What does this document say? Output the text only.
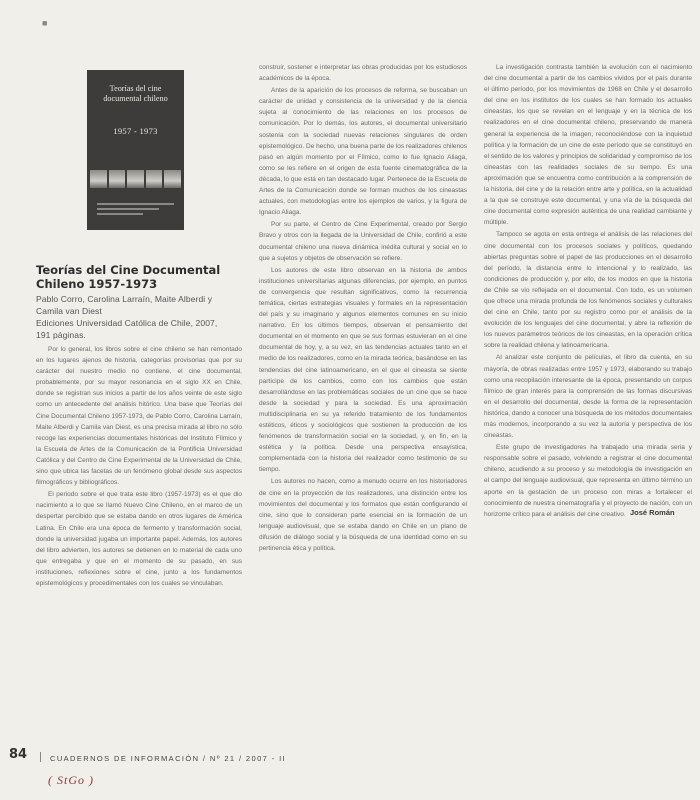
■
Teorías del cine documental chileno
1957 - 1973
Teorías del Cine Documental Chileno 1957-1973
Pablo Corro, Carolina Larraín, Maite Alberdi y Camila van Diest
Ediciones Universidad Católica de Chile, 2007,
191 páginas.

Por lo general, los libros sobre el cine chileno se han remontado en los lugares ajenos de historia, categorías provisorias que por su carácter del nuestro medio no contiene, el cine documental, probablemente, por su mayor resonancia en el siglo XX en Chile, donde se registran sus inicios a partir de los años veinte de este siglo como un antecedente del análisis hitórico. Una base que Teorías del Cine Documental Chileno 1957-1973, de Pablo Corro, Carolina Larraín, Maite Alberdi y Camila van Diest, es una precisa mirada al libro no sólo recoge las experiencias documentales históricas del Instituto Fílmico y la Escuela de Artes de la Comunicación de la Pontificia Universidad Católica y del Centro de Cine Experimental de la Universidad de Chile, sino que ubica las facetas de un fenómeno global desde sus aspectos filmográficos y bibliográficos.

El periodo sobre el que trata este libro (1957-1973) es el que dio nacimiento a lo que se llamó Nuevo Cine Chileno, en el marco de un despertar percibido que se estaba dando en otros lugares de América Latina. En Chile era una época de fermento y transformación social, donde la universidad jugaba un importante papel. Además, los autores del libro advierten, los autores se detienen en lo material de cada uno que entregaba y que en el momento de su pasado, en sus instituciones, reflexiones sobre el cine, junto a los fundamentos epistemológicos y procedimentales con los cuales se vinculaban.

construir, sostener e interpretar las obras producidas por los estudiosos académicos de la época.

Antes de la aparición de los procesos de reforma, se buscaban un carácter de unidad y consistencia de la universidad y de la ciencia sujeta al conocimiento de las relaciones en los procesos de comunicación. Por lo demás, los autores, el documental universitario sostenía con la sociedad nuevas relaciones singulares de orden epistemológico. De hecho, una buena parte de los realizadores chilenos pasó en algún momento por el Fílmico, como lo fue Ignacio Aliaga, como se les refiere en el origen de esta fuente cinematográfica de la década, lo que está en tan destacado lugar. Pertenece de la Escuela de Artes de la Comunicación donde se forman muchos de los cineastas actuales, con metodologías entre los ejemplos de varios, y la figura de Ignacio Aliaga.

Por su parte, el Centro de Cine Experimental, creado por Sergio Bravo y otros con la llegada de la Universidad de Chile, confirió a este documental chileno una nueva dinámica inédita cultural y social en lo que a sujetos y objetos de observación se refiere.

Los autores de este libro observan en la historia de ambos instituciones universitarias algunas diferencias, por ejemplo, en puntos de convergencia que resultan significativos, como la recurrencia temática, ciertas estrategias visuales y formales en la representación del país y su imaginario y algunos elementos comunes en su inicio narrativo. En los últimos tiempos, observan el pensamiento del documental en el momento en que se sus formas estuvieran en el cine documental de hoy, y, a su vez, en las tendencias actuales tanto en el medio de los realizadores, como en la mirada teórica, basándose en las tendencias del cine latinoamericano, en el que el cineasta se siente partícipe de los cambios, como con los cambios que están desarrollándose en las problemáticas sociales de un cine que se hace desde la sociedad y para la sociedad. Es una aproximación multidisciplinaria en su ya referido tratamiento de los fundamentos estéticos, éticos y sociológicos que sostienen la producción de los fenómenos de transformación social en la sociedad, y, en fin, en la estética y la política. Desde una perspectiva ensayística, complementada con la historia del realizador como testimonio de su tiempo.

Los autores no hacen, como a menudo ocurre en los historiadores de cine en la proyección de los realizadores, una distinción entre los movimientos del documental y los formatos que están configurando el cine, sino que lo consideran parte esencial en la formación de un lenguaje audiovisual, que se estaba dando en Chile en un plano de difusión de diálogo social y la búsqueda de una identidad como en su pertinencia ética y política.

La investigación contrasta también la evolución con el nacimiento del cine documental a partir de los cambios vividos por el país durante el último período, por los movimientos de 1968 en Chile y el desarrollo del cine en los institutos de los cuales se han formado los actuales cineastas, los que se revelan en el lenguaje y en la técnica de los realizadores en el cine documental chileno, preservando de manera general la experiencia de la imagen, reconociéndose con la inquietud política y la formación de un cine de este período que se constituyó en el sentido de los valores y principios de solidaridad y compromiso de los cineastas con las realidades sociales de su tiempo. Es una aproximación que se encuentra como contribución a la comprensión de la historia, del cine y de la relación entre arte y política, en la actualidad a la que se construye este documental, y una vía de la búsqueda del cine documental como expresión auténtica de una realidad cambiante y múltiple.

Tampoco se agota en esta entrega el análisis de las relaciones del cine documental con los procesos sociales y políticos, quedando abiertas preguntas sobre el papel de las producciones en el desarrollo del período, la distancia entre lo intencional y lo realizado, las condiciones de producción y, por ello, de los modos en que la historia de Chile se vio reflejada en el documental. Con todo, es un volumen que ofrece una mirada profunda de los fenómenos sociales y culturales del cine en Chile, tanto por su registro como por el análisis de la evolución de los lenguajes del cine documental, y abre la reflexión de los nuevos parámetros teóricos de los cineastas, en la operación crítica sobre la realidad chilena y latinoamericana.

Al analizar este conjunto de películas, el libro da cuenta, en su mayoría, de obras realizadas entre 1957 y 1973, elaborando su trabajo como una recopilación interesante de la época, presentando un corpus fílmico de gran interés para la comprensión de las formas discursivas en el desarrollo del documental, desde la forma de la representación histórica, dando a conocer una búsqueda de los métodos documentales más modernos, incorporando a su vez la autoría y perspectiva de los cineastas.

Este grupo de investigadores ha trabajado una mirada seria y responsable sobre el pasado, volviendo a registrar el cine documental chileno, acudiendo a su proceso y su metodología de investigación en el campo del lenguaje audiovisual, que representa en último término un aporte en la gestación de un proceso con miras a fortalecer el conocimiento de nuestra cinematografía y el proyecto de nación, con un horizonte crítico para el análisis del cine creativo. José Román
84	CUADERNOS DE INFORMACIÓN / Nº 21 / 2007 - II
( StGo )
